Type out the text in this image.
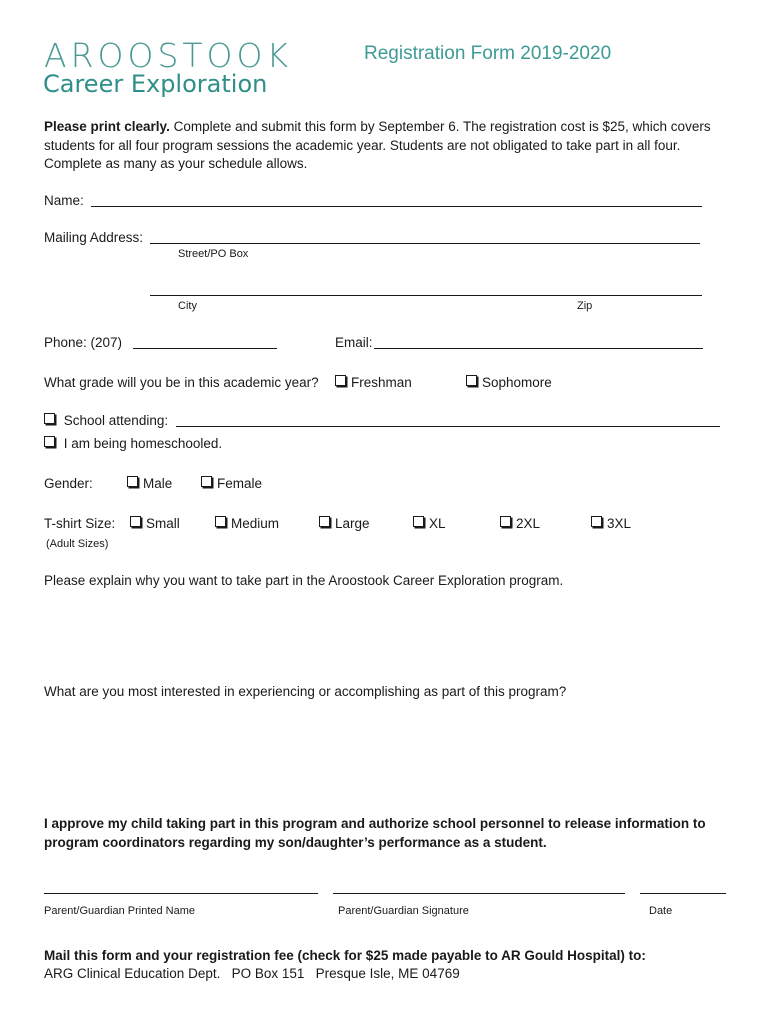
AROOSTOOK
Career Exploration
Registration Form 2019-2020
Please print clearly. Complete and submit this form by September 6. The registration cost is $25, which covers students for all four program sessions the academic year. Students are not obligated to take part in all four. Complete as many as your schedule allows.
Name:
Mailing Address:
Street/PO Box
City	Zip
Phone: (207)	Email:
What grade will you be in this academic year?	Freshman	Sophomore
School attending:
I am being homeschooled.
Gender:	Male	Female
T-shirt Size:	Small	Medium	Large	XL	2XL	3XL
(Adult Sizes)
Please explain why you want to take part in the Aroostook Career Exploration program.
What are you most interested in experiencing or accomplishing as part of this program?
I approve my child taking part in this program and authorize school personnel to release information to program coordinators regarding my son/daughter’s performance as a student.
Parent/Guardian Printed Name	Parent/Guardian Signature	Date
Mail this form and your registration fee (check for $25 made payable to AR Gould Hospital) to:
ARG Clinical Education Dept.   PO Box 151   Presque Isle, ME 04769
